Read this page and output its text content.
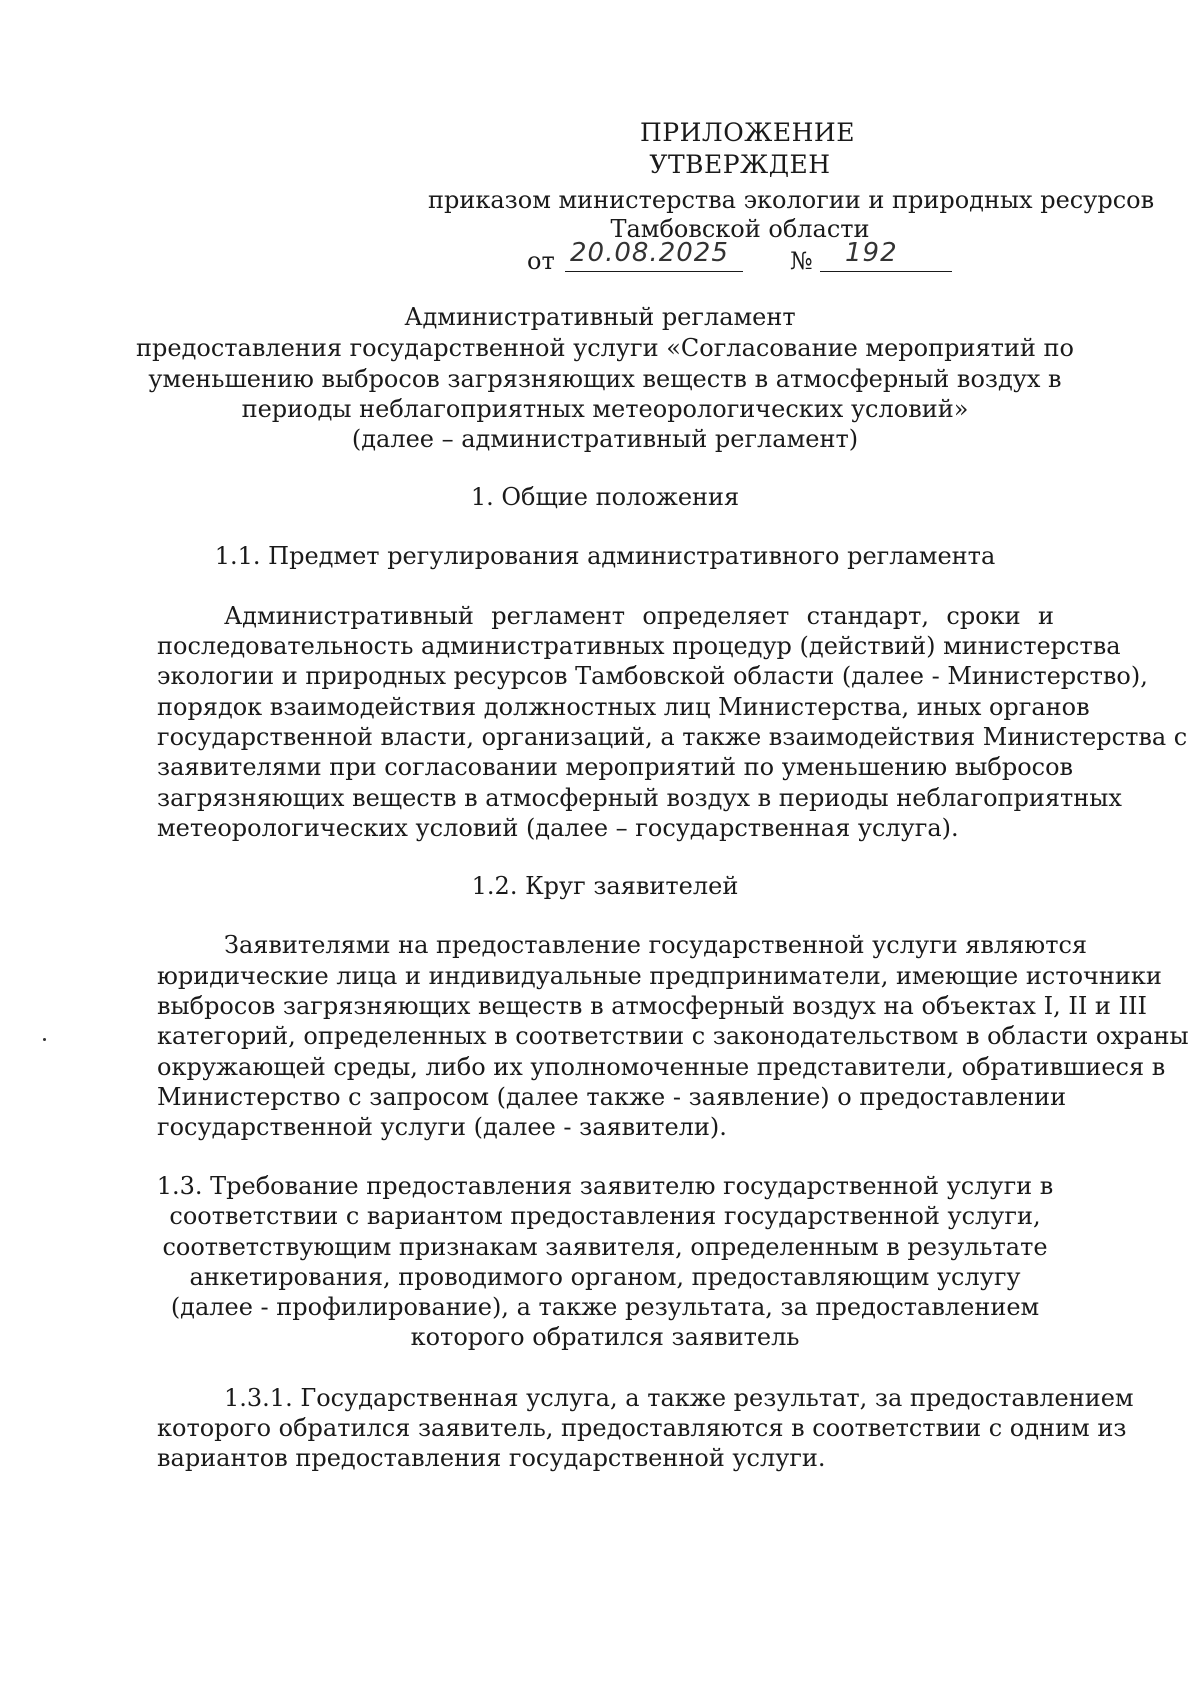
ПРИЛОЖЕНИЕ
УТВЕРЖДЕН
приказом министерства экологии и природных ресурсов
Тамбовской области
от 20.08.2025	№ 192
Административный регламент
предоставления государственной услуги «Согласование мероприятий по
уменьшению выбросов загрязняющих веществ в атмосферный воздух в
периоды неблагоприятных метеорологических условий»
(далее – административный регламент)
1. Общие положения
1.1. Предмет регулирования административного регламента
Административный регламент определяет стандарт, сроки и
последовательность административных процедур (действий) министерства
экологии и природных ресурсов Тамбовской области (далее - Министерство),
порядок взаимодействия должностных лиц Министерства, иных органов
государственной власти, организаций, а также взаимодействия Министерства с
заявителями при согласовании мероприятий по уменьшению выбросов
загрязняющих веществ в атмосферный воздух в периоды неблагоприятных
метеорологических условий (далее – государственная услуга).
1.2. Круг заявителей
Заявителями на предоставление государственной услуги являются
юридические лица и индивидуальные предприниматели, имеющие источники
выбросов загрязняющих веществ в атмосферный воздух на объектах I, II и III
категорий, определенных в соответствии с законодательством в области охраны
окружающей среды, либо их уполномоченные представители, обратившиеся в
Министерство с запросом (далее также - заявление) о предоставлении
государственной услуги (далее - заявители).
1.3. Требование предоставления заявителю государственной услуги в
соответствии с вариантом предоставления государственной услуги,
соответствующим признакам заявителя, определенным в результате
анкетирования, проводимого органом, предоставляющим услугу
(далее - профилирование), а также результата, за предоставлением
которого обратился заявитель
1.3.1. Государственная услуга, а также результат, за предоставлением
которого обратился заявитель, предоставляются в соответствии с одним из
вариантов предоставления государственной услуги.
